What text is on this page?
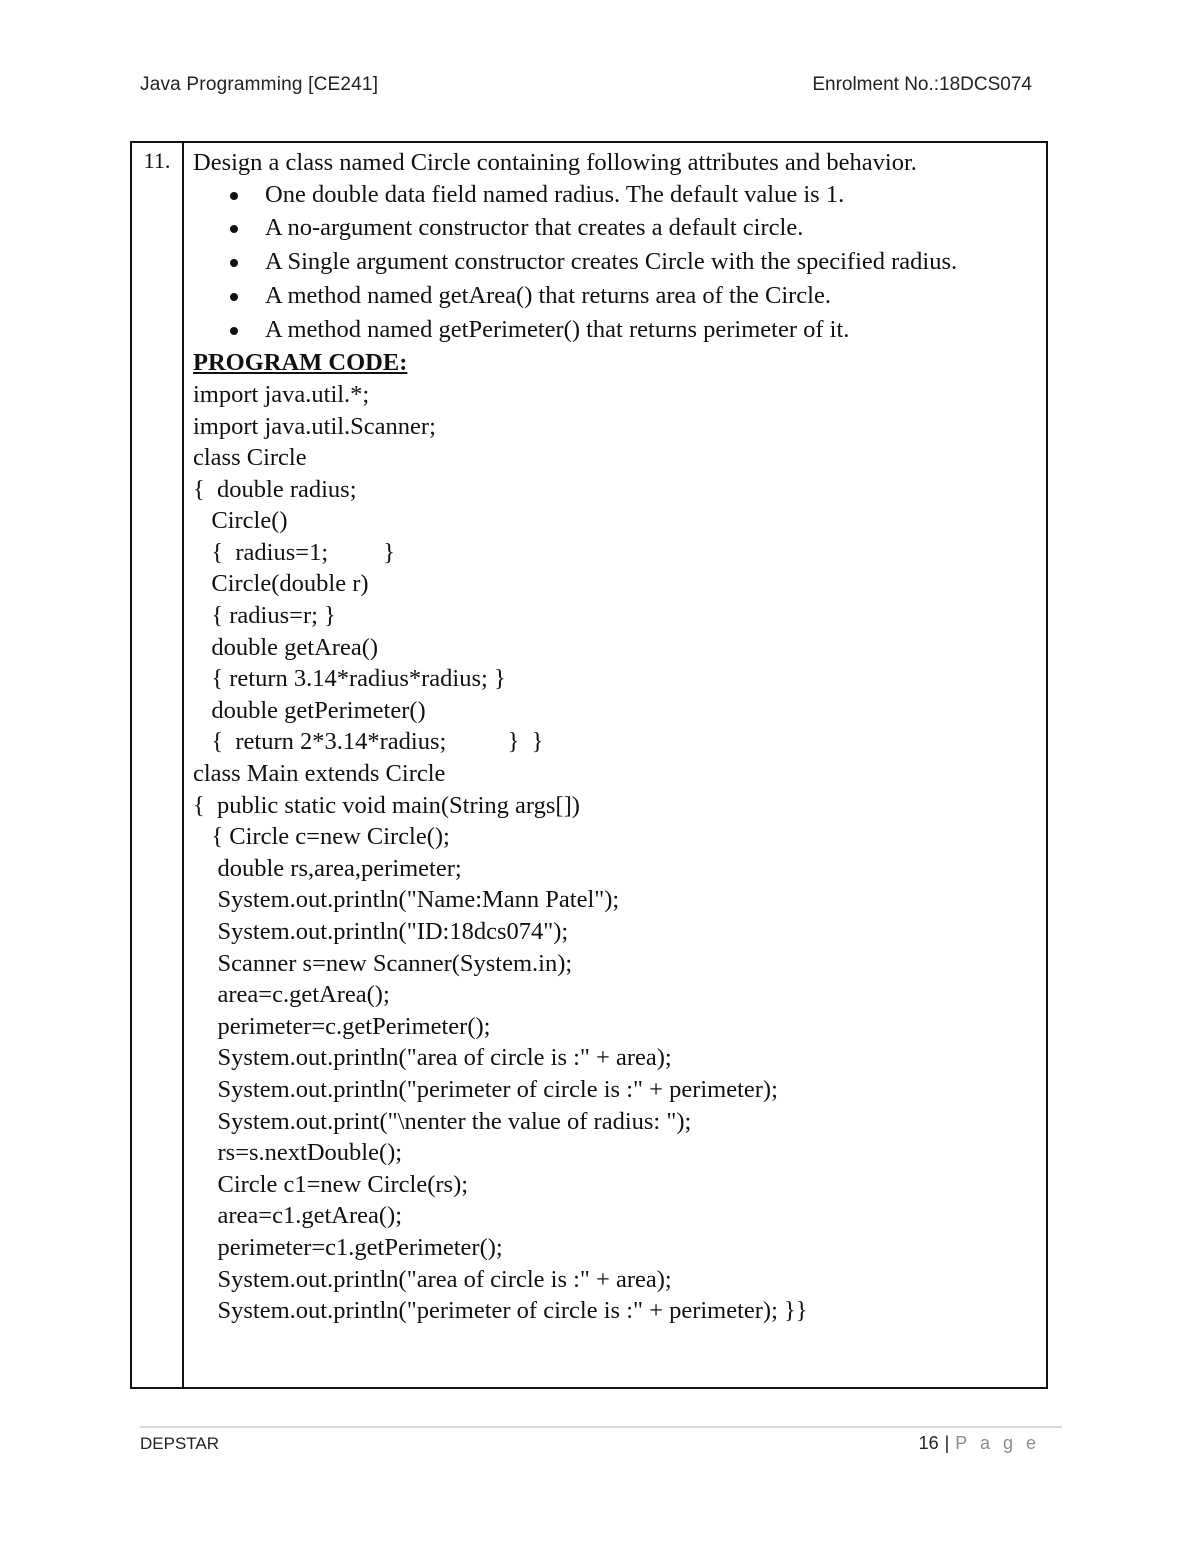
Java Programming [CE241]	Enrolment No.:18DCS074
11.	Design a class named Circle containing following attributes and behavior.

One double data field named radius. The default value is 1.
A no-argument constructor that creates a default circle.
A Single argument constructor creates Circle with the specified radius.
A method named getArea() that returns area of the Circle.
A method named getPerimeter() that returns perimeter of it.

PROGRAM CODE:

import java.util.*;
import java.util.Scanner;
class Circle
{  double radius;
Circle()
{  radius=1;         }
Circle(double r)
{ radius=r; }
double getArea()
{ return 3.14*radius*radius; }
double getPerimeter()
{  return 2*3.14*radius;          }  }
class Main extends Circle
{  public static void main(String args[])
{ Circle c=new Circle();
double rs,area,perimeter;
System.out.println("Name:Mann Patel");
System.out.println("ID:18dcs074");
Scanner s=new Scanner(System.in);
area=c.getArea();
perimeter=c.getPerimeter();
System.out.println("area of circle is :" + area);
System.out.println("perimeter of circle is :" + perimeter);
System.out.print("\nenter the value of radius: ");
rs=s.nextDouble();
Circle c1=new Circle(rs);
area=c1.getArea();
perimeter=c1.getPerimeter();
System.out.println("area of circle is :" + area);
System.out.println("perimeter of circle is :" + perimeter); }}
DEPSTAR	16 | P a g e
